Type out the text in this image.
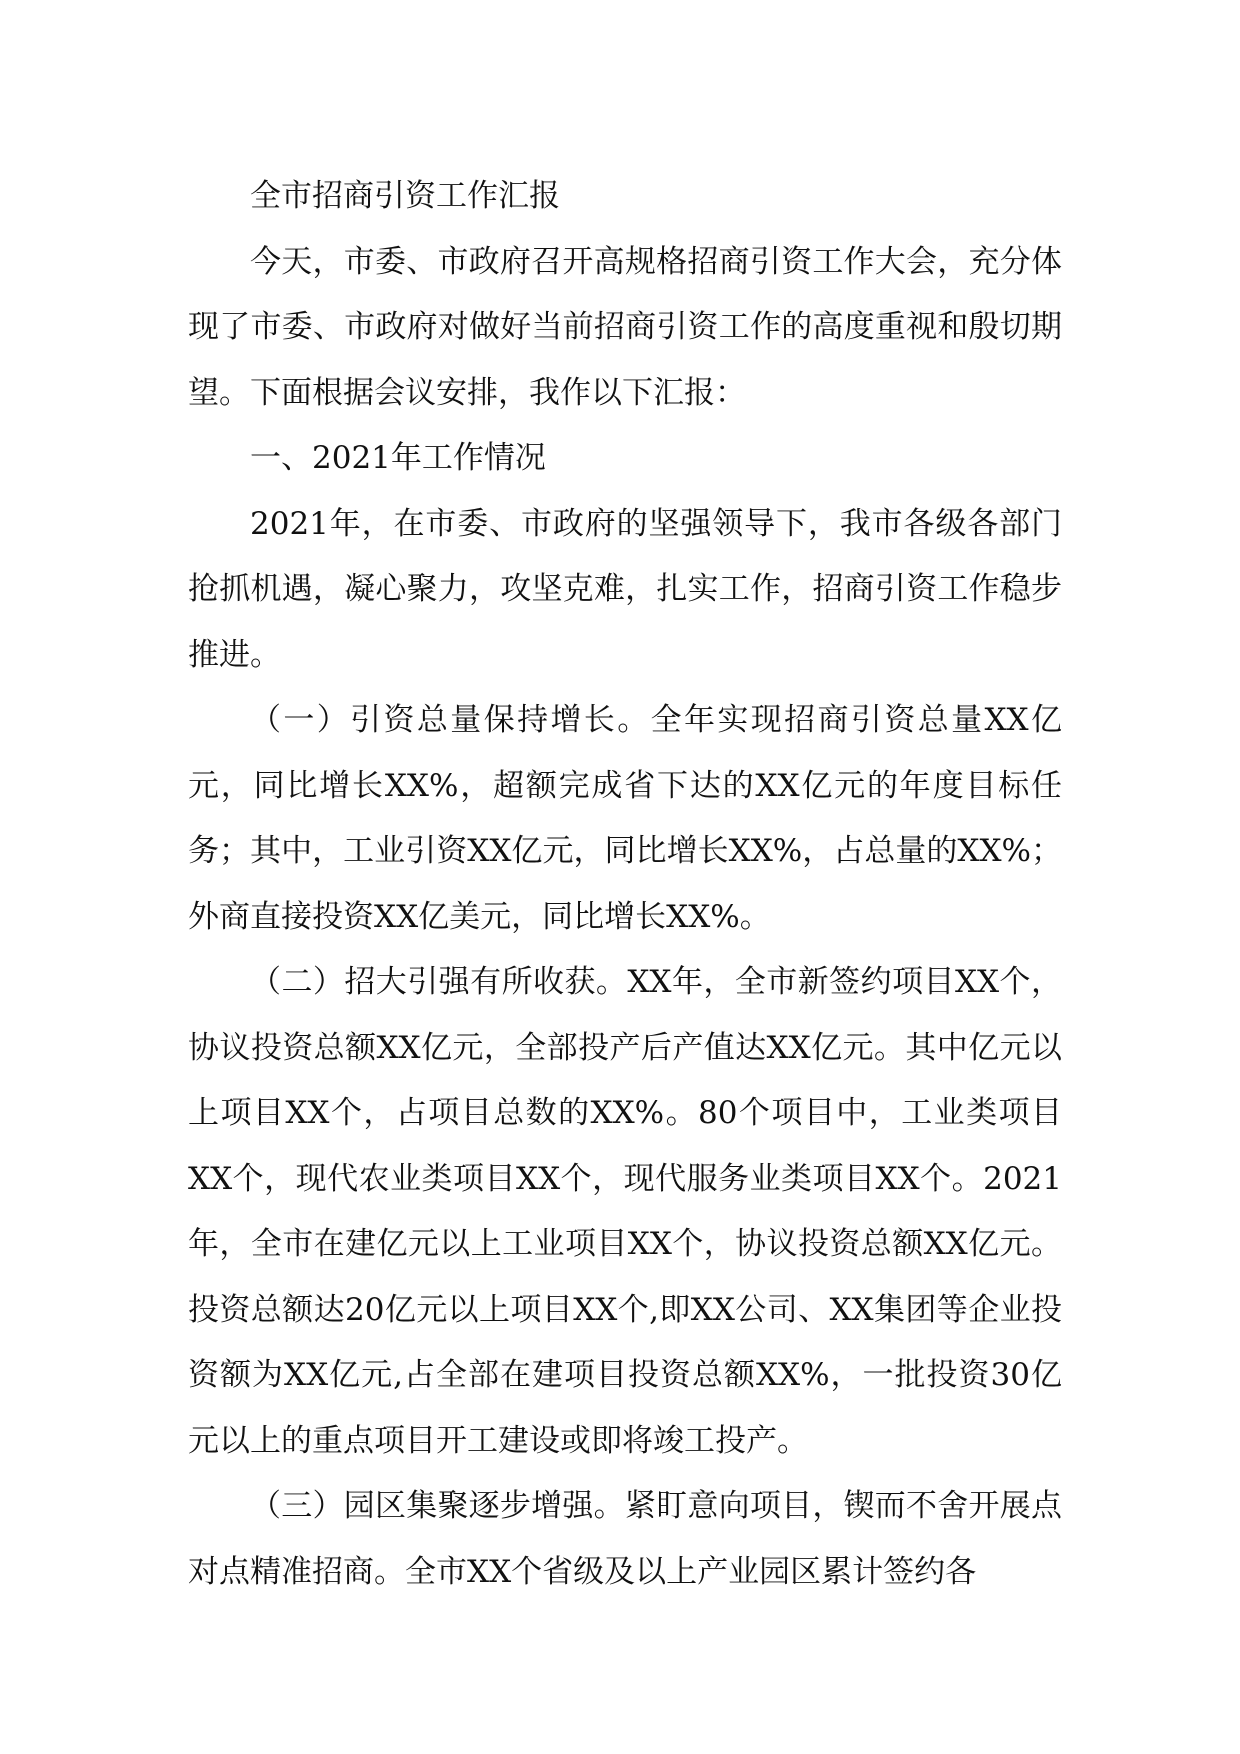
全市招商引资工作汇报

今天，市委、市政府召开高规格招商引资工作大会，充分体现了市委、市政府对做好当前招商引资工作的高度重视和殷切期望。下面根据会议安排，我作以下汇报：

一、2021年工作情况

2021年，在市委、市政府的坚强领导下，我市各级各部门抢抓机遇，凝心聚力，攻坚克难，扎实工作，招商引资工作稳步推进。

（一）引资总量保持增长。全年实现招商引资总量XX亿元，同比增长XX%，超额完成省下达的XX亿元的年度目标任务；其中，工业引资XX亿元，同比增长XX%，占总量的XX%；外商直接投资XX亿美元，同比增长XX%。

（二）招大引强有所收获。XX年，全市新签约项目XX个，协议投资总额XX亿元，全部投产后产值达XX亿元。其中亿元以上项目XX个，占项目总数的XX%。80个项目中，工业类项目XX个，现代农业类项目XX个，现代服务业类项目XX个。2021年，全市在建亿元以上工业项目XX个，协议投资总额XX亿元。投资总额达20亿元以上项目XX个,即XX公司、XX集团等企业投资额为XX亿元,占全部在建项目投资总额XX%，一批投资30亿元以上的重点项目开工建设或即将竣工投产。

（三）园区集聚逐步增强。紧盯意向项目，锲而不舍开展点对点精准招商。全市XX个省级及以上产业园区累计签约各
